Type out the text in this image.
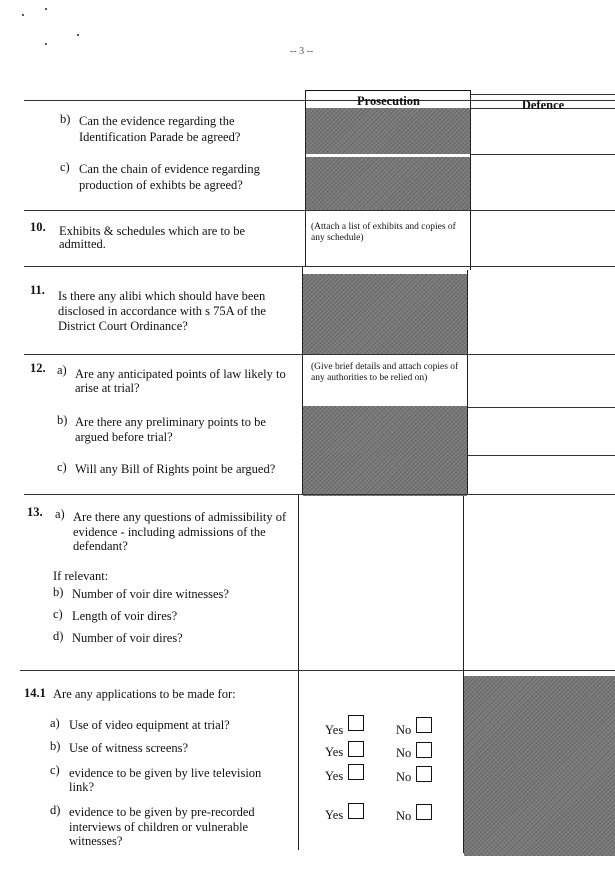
-- 3 --
Prosecution	Defence
b) Can the evidence regarding the
Identification Parade be agreed?
c) Can the chain of evidence regarding
production of exhibts be agreed?
10. Exhibits & schedules which are to be
admitted.
(Attach a list of exhibits and copies of
any schedule)
11. Is there any alibi which should have been
disclosed in accordance with s 75A of the
District Court Ordinance?
12. a) Are any anticipated points of law likely to
arise at trial?
(Give brief details and attach copies of
any authorities to be relied on)
b) Are there any preliminary points to be
argued before trial?
c) Will any Bill of Rights point be argued?
13. a) Are there any questions of admissibility of
evidence - including admissions of the
defendant?
If relevant:
b) Number of voir dire witnesses?
c) Length of voir dires?
d) Number of voir dires?
14.1 Are any applications to be made for:
a) Use of video equipment at trial?	Yes	No
b) Use of witness screens?	Yes	No
c) evidence to be given by live television
link?
Yes	No
d) evidence to be given by pre-recorded
interviews of children or vulnerable
witnesses?
Yes	No
